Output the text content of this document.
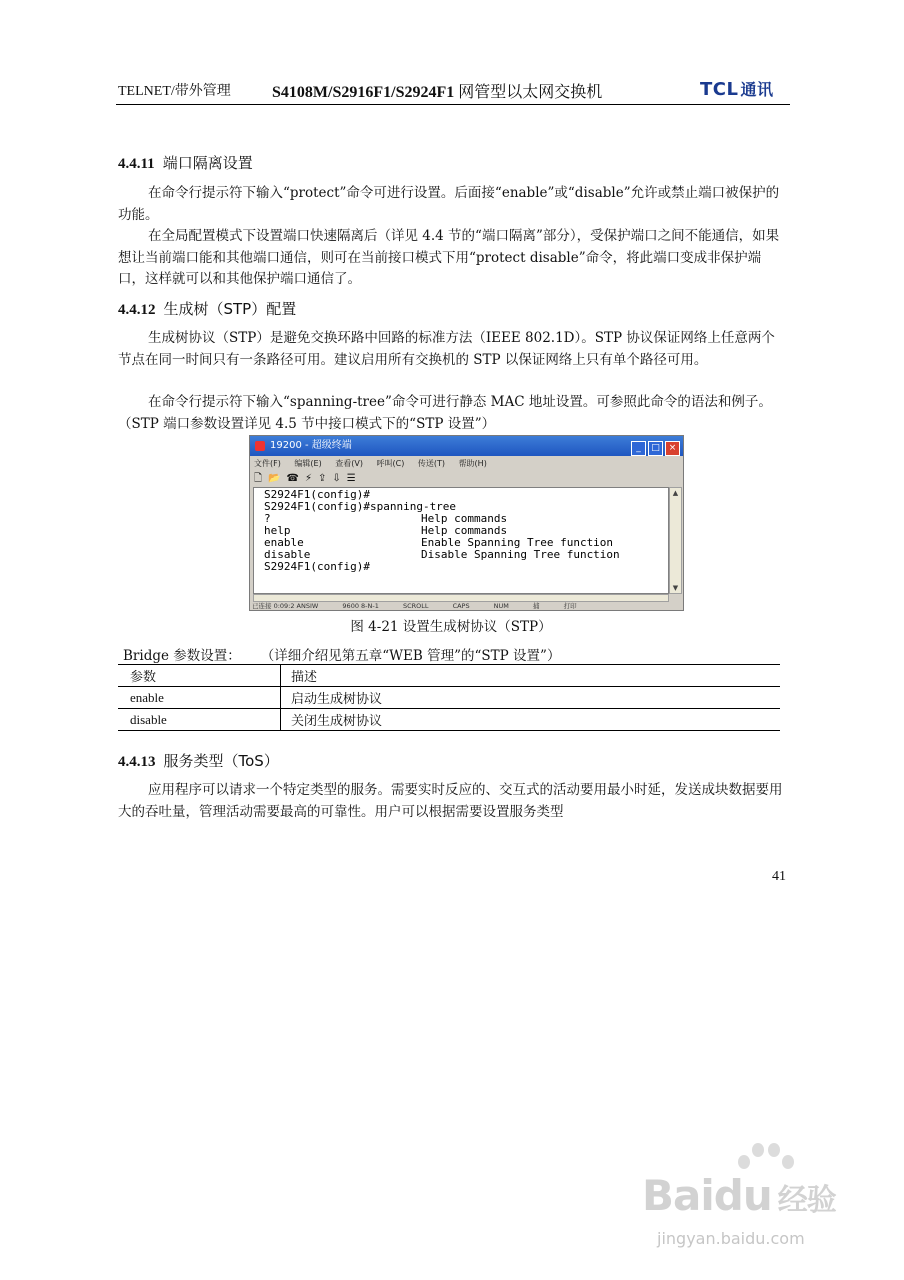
TELNET/带外管理	S4108M/S2916F1/S2924F1 网管型以太网交换机	TCL 通讯
4.4.11 端口隔离设置
在命令行提示符下输入“protect”命令可进行设置。后面接“enable”或“disable”允许或禁止端口被保护的功能。
在全局配置模式下设置端口快速隔离后（详见 4.4 节的“端口隔离”部分），受保护端口之间不能通信，如果想让当前端口能和其他端口通信，则可在当前接口模式下用“protect disable”命令，将此端口变成非保护端口，这样就可以和其他保护端口通信了。
4.4.12 生成树（STP）配置
生成树协议（STP）是避免交换环路中回路的标准方法（IEEE 802.1D）。STP 协议保证网络上任意两个节点在同一时间只有一条路径可用。建议启用所有交换机的 STP 以保证网络上只有单个路径可用。
在命令行提示符下输入“spanning-tree”命令可进行静态 MAC 地址设置。可参照此命令的语法和例子。（STP 端口参数设置详见 4.5 节中接口模式下的“STP 设置”）
19200 - 超级终端	_ □ ×
文件(F) 编辑(E) 查看(V) 呼叫(C) 传送(T) 帮助(H)
🗋 📂 ☎ ⚡ ⇪ ⇩ ☰
S2924F1(config)#
S2924F1(config)#spanning-tree
?	Help commands
help	Help commands
enable	Enable Spanning Tree function
disable	Disable Spanning Tree function
S2924F1(config)#
▲
▼
已连接 0:09:2 ANSIW	9600 8-N-1	SCROLL	CAPS	NUM	捕	打印
图 4-21 设置生成树协议（STP）
Bridge 参数设置： （详细介绍见第五章“WEB 管理”的“STP 设置”）
参数	描述
enable	启动生成树协议
disable	关闭生成树协议
4.4.13 服务类型（ToS）
应用程序可以请求一个特定类型的服务。需要实时反应的、交互式的活动要用最小时延，发送成块数据要用大的吞吐量，管理活动需要最高的可靠性。用户可以根据需要设置服务类型
41
Baidu 经验
jingyan.baidu.com
